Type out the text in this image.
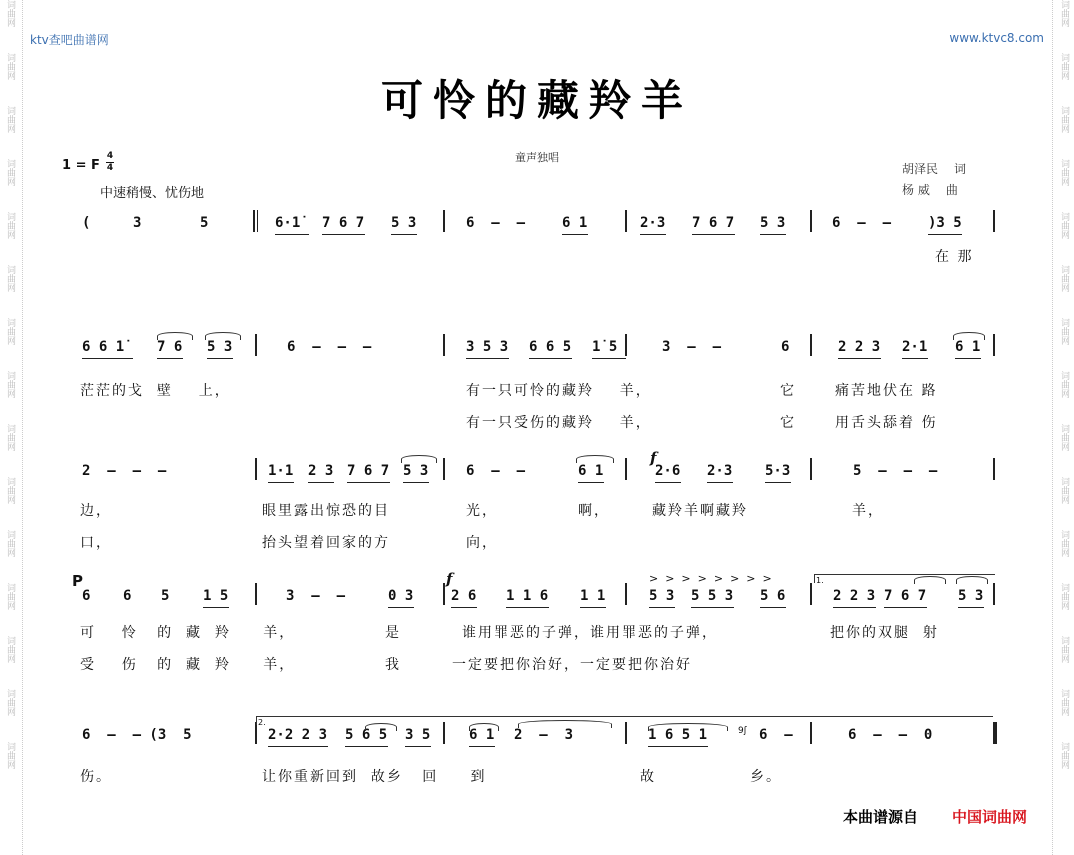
词曲网
词曲网
词曲网
词曲网
词曲网
词曲网
词曲网
词曲网
词曲网
词曲网
词曲网
词曲网
词曲网
词曲网
词曲网
词曲网
词曲网
词曲网
词曲网
词曲网
词曲网
词曲网
词曲网
词曲网
词曲网
词曲网
词曲网
词曲网
词曲网
词曲网
ktv查吧曲谱网	www.ktvc8.com
可怜的藏羚羊
童声独唱
1 = F
4
4
中速稍慢、忧伤地
胡泽民 词
杨 威 曲
(	3	5	6·1̇ 7 6 7 5 3	6  –  –	6 1	2·3 7 6 7 5 3	6  –  –	)3 5
在 那
6 6 1̇ 7 6 5 3	6  –  –  –	3 5 3 6 6 5 1̇ 5	3  –  –	6	2 2 3 2·1 6 1
茫茫的戈  壁    上，	有一只可怜的藏羚    羊，	它	痛苦地伏在 路
有一只受伤的藏羚    羊，	它	用舌头舔着 伤
2  –  –  –	1·1 2 3 7 6 7 5 3	6  –  –	6 1	2·6 2·3 5·3	5  –  –  –
边，	眼里露出惊恐的目	光，	啊，	藏羚羊啊藏羚	羊，
口，	抬头望着回家的方	向，
6 6 5 1 5	3  –  –	0 3	2 6 1 1 6 1 1	5 3 5 5 3 5 6	2 2 3 7 6 7 5 3
可    怜   的  藏  羚     羊，	是	谁用罪恶的子弹，谁用罪恶的子弹，	把你的双腿  射
受    伤   的  藏  羚     羊，	我	一定要把你治好，一定要把你治好
6  –  – (3  5	2·2 2 3 5 6 5 3 5	6 1 2  –  3	1 6 5 1	6  –	6  –  –  0
伤。	让你重新回到  故乡   回     到	故	乡。
f
f
P	>>>>>>>>	1.
2.
9ʃ
本曲谱源自 中国词曲网
